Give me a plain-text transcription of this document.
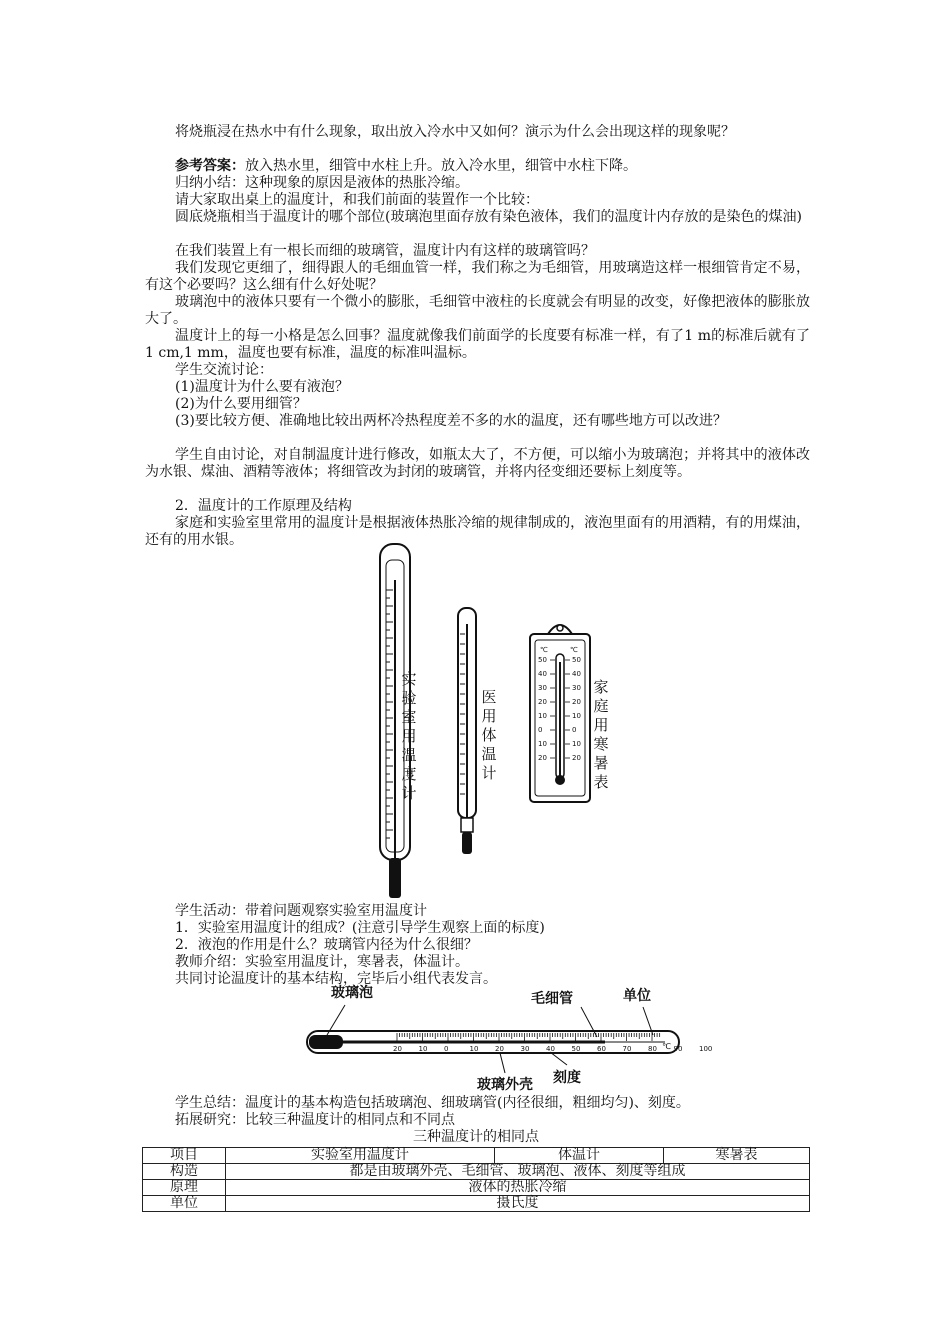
将烧瓶浸在热水中有什么现象，取出放入冷水中又如何？演示为什么会出现这样的现象呢？

参考答案：放入热水里，细管中水柱上升。放入冷水里，细管中水柱下降。

归纳小结：这种现象的原因是液体的热胀冷缩。

请大家取出桌上的温度计，和我们前面的装置作一个比较：

圆底烧瓶相当于温度计的哪个部位(玻璃泡里面存放有染色液体，我们的温度计内存放的是染色的煤油)

在我们装置上有一根长而细的玻璃管，温度计内有这样的玻璃管吗？

我们发现它更细了，细得跟人的毛细血管一样，我们称之为毛细管，用玻璃造这样一根细管肯定不易，有这个必要吗？这么细有什么好处呢？

玻璃泡中的液体只要有一个微小的膨胀，毛细管中液柱的长度就会有明显的改变，好像把液体的膨胀放大了。

温度计上的每一小格是怎么回事？温度就像我们前面学的长度要有标准一样，有了1 m的标准后就有了1 cm,1 mm，温度也要有标准，温度的标准叫温标。

学生交流讨论：

(1)温度计为什么要有液泡？

(2)为什么要用细管？

(3)要比较方便、准确地比较出两杯冷热程度差不多的水的温度，还有哪些地方可以改进？

学生自由讨论，对自制温度计进行修改，如瓶太大了，不方便，可以缩小为玻璃泡；并将其中的液体改为水银、煤油、酒精等液体；将细管改为封闭的玻璃管，并将内径变细还要标上刻度等。

2．温度计的工作原理及结构

家庭和实验室里常用的温度计是根据液体热胀冷缩的规律制成的，液泡里面有的用酒精，有的用煤油，还有的用水银。

实验室用温度计
医用体温计
℃	℃
50	50
40	40
30	30
20	20
10	10
0	0
10	10
20	20
家庭用寒暑表

学生活动：带着问题观察实验室用温度计

1．实验室用温度计的组成？(注意引导学生观察上面的标度)

2．液泡的作用是什么？玻璃管内径为什么很细？

教师介绍：实验室用温度计，寒暑表，体温计。

共同讨论温度计的基本结构，完毕后小组代表发言。

20 10 0	10 20 30 40 50 60 70 80 90 100
℃
玻璃泡	毛细管	单位
玻璃外壳 刻度

学生总结：温度计的基本构造包括玻璃泡、细玻璃管(内径很细，粗细均匀)、刻度。

拓展研究：比较三种温度计的相同点和不同点

三种温度计的相同点
项目	实验室用温度计	体温计	寒暑表
构造	都是由玻璃外壳、毛细管、玻璃泡、液体、刻度等组成		
原理	液体的热胀冷缩		
单位	摄氏度		
